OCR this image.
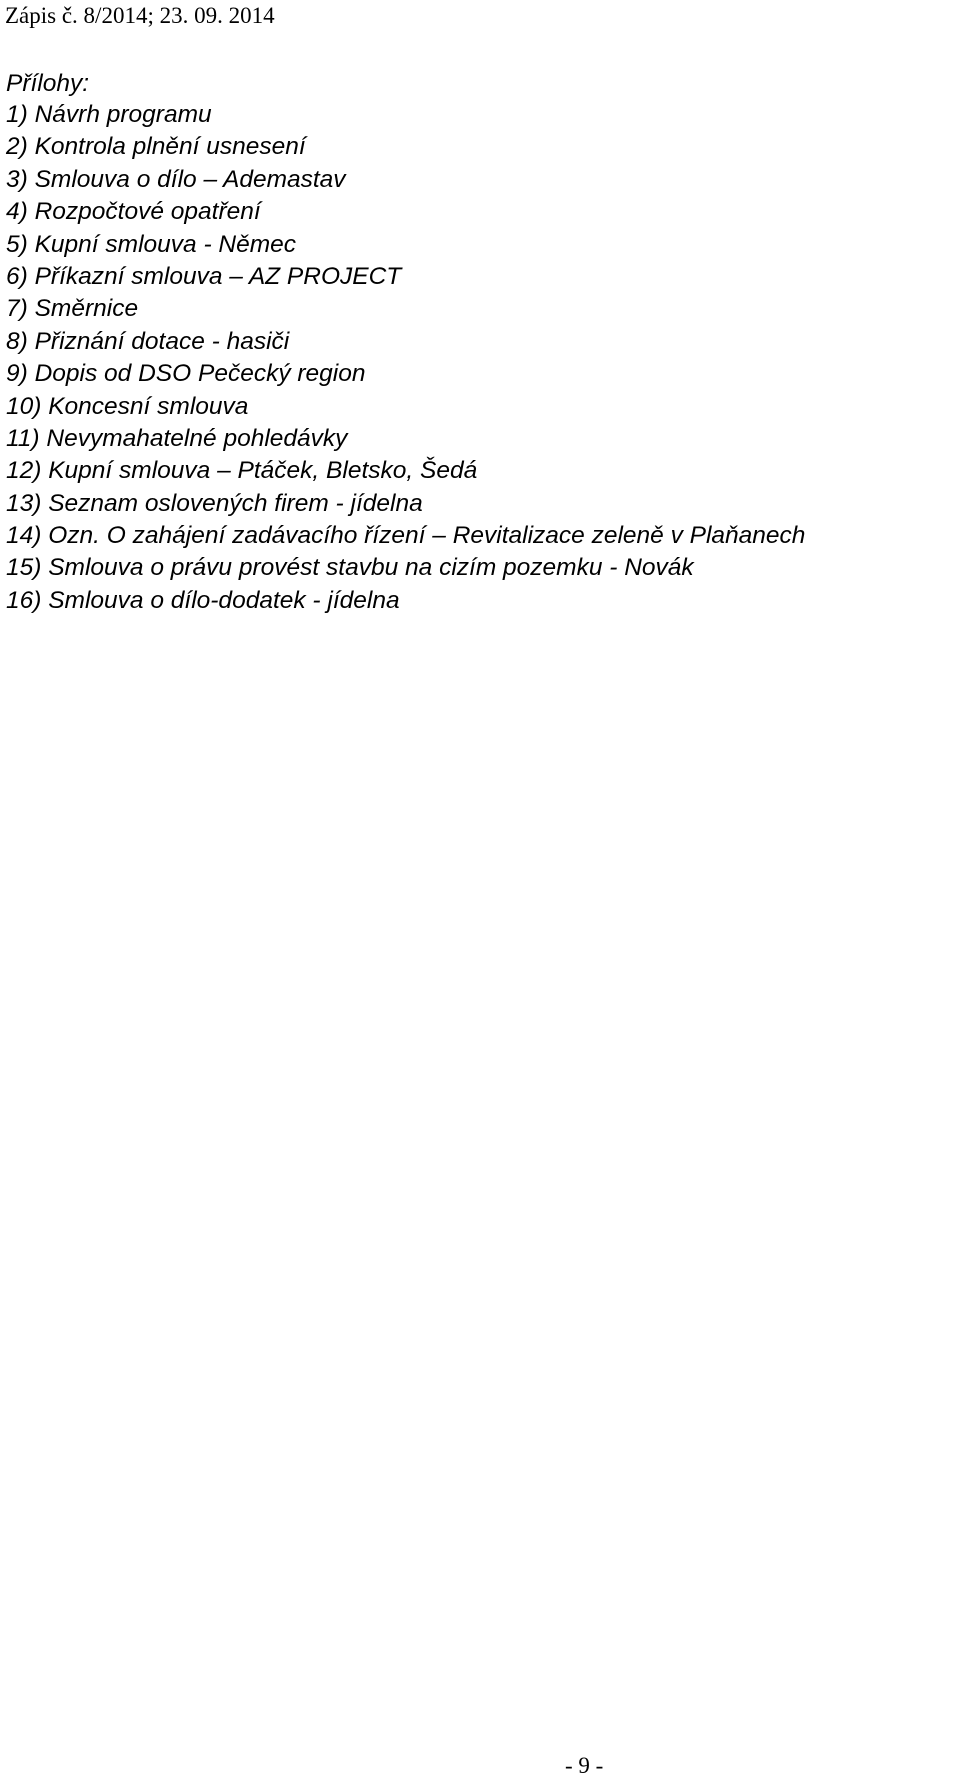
Zápis č. 8/2014; 23. 09. 2014
Přílohy:
1) Návrh programu
2) Kontrola plnění usnesení
3) Smlouva o dílo – Ademastav
4) Rozpočtové opatření
5) Kupní smlouva - Němec
6) Příkazní smlouva – AZ PROJECT
7) Směrnice
8) Přiznání dotace - hasiči
9) Dopis od DSO Pečecký region
10) Koncesní smlouva
11) Nevymahatelné pohledávky
12) Kupní smlouva – Ptáček, Bletsko, Šedá
13) Seznam oslovených firem - jídelna
14) Ozn. O zahájení zadávacího řízení – Revitalizace zeleně v Plaňanech
15) Smlouva o právu provést stavbu na cizím pozemku - Novák
16) Smlouva o dílo-dodatek - jídelna
- 9 -
